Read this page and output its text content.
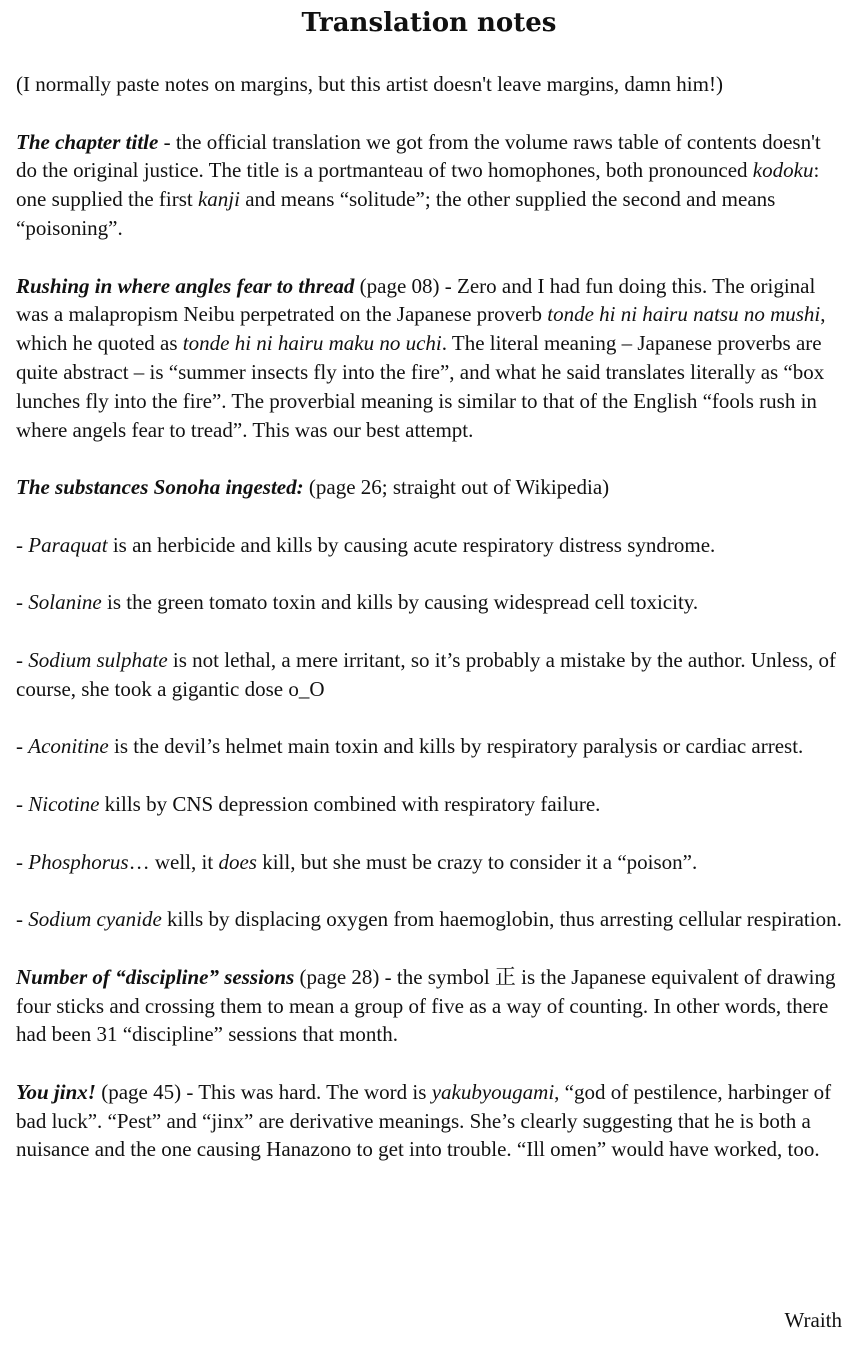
Translation notes

(I normally paste notes on margins, but this artist doesn't leave margins, damn him!)

The chapter title - the official translation we got from the volume raws table of contents doesn't do the original justice. The title is a portmanteau of two homophones, both pronounced kodoku: one supplied the first kanji and means “solitude”; the other supplied the second and means “poisoning”.

Rushing in where angles fear to thread (page 08) - Zero and I had fun doing this. The original was a malapropism Neibu perpetrated on the Japanese proverb tonde hi ni hairu natsu no mushi, which he quoted as tonde hi ni hairu maku no uchi. The literal meaning – Japanese proverbs are quite abstract – is “summer insects fly into the fire”, and what he said translates literally as “box lunches fly into the fire”. The proverbial meaning is similar to that of the English “fools rush in where angels fear to tread”. This was our best attempt.

The substances Sonoha ingested: (page 26; straight out of Wikipedia)

- Paraquat is an herbicide and kills by causing acute respiratory distress syndrome.

- Solanine is the green tomato toxin and kills by causing widespread cell toxicity.

- Sodium sulphate is not lethal, a mere irritant, so it’s probably a mistake by the author. Unless, of course, she took a gigantic dose o_O

- Aconitine is the devil’s helmet main toxin and kills by respiratory paralysis or cardiac arrest.

- Nicotine kills by CNS depression combined with respiratory failure.

- Phosphorus… well, it does kill, but she must be crazy to consider it a “poison”.

- Sodium cyanide kills by displacing oxygen from haemoglobin, thus arresting cellular respiration.

Number of “discipline” sessions (page 28) - the symbol 正 is the Japanese equivalent of drawing four sticks and crossing them to mean a group of five as a way of counting. In other words, there had been 31 “discipline” sessions that month.

You jinx! (page 45) - This was hard. The word is yakubyougami, “god of pestilence, harbinger of bad luck”. “Pest” and “jinx” are derivative meanings. She’s clearly suggesting that he is both a nuisance and the one causing Hanazono to get into trouble. “Ill omen” would have worked, too.

Wraith
